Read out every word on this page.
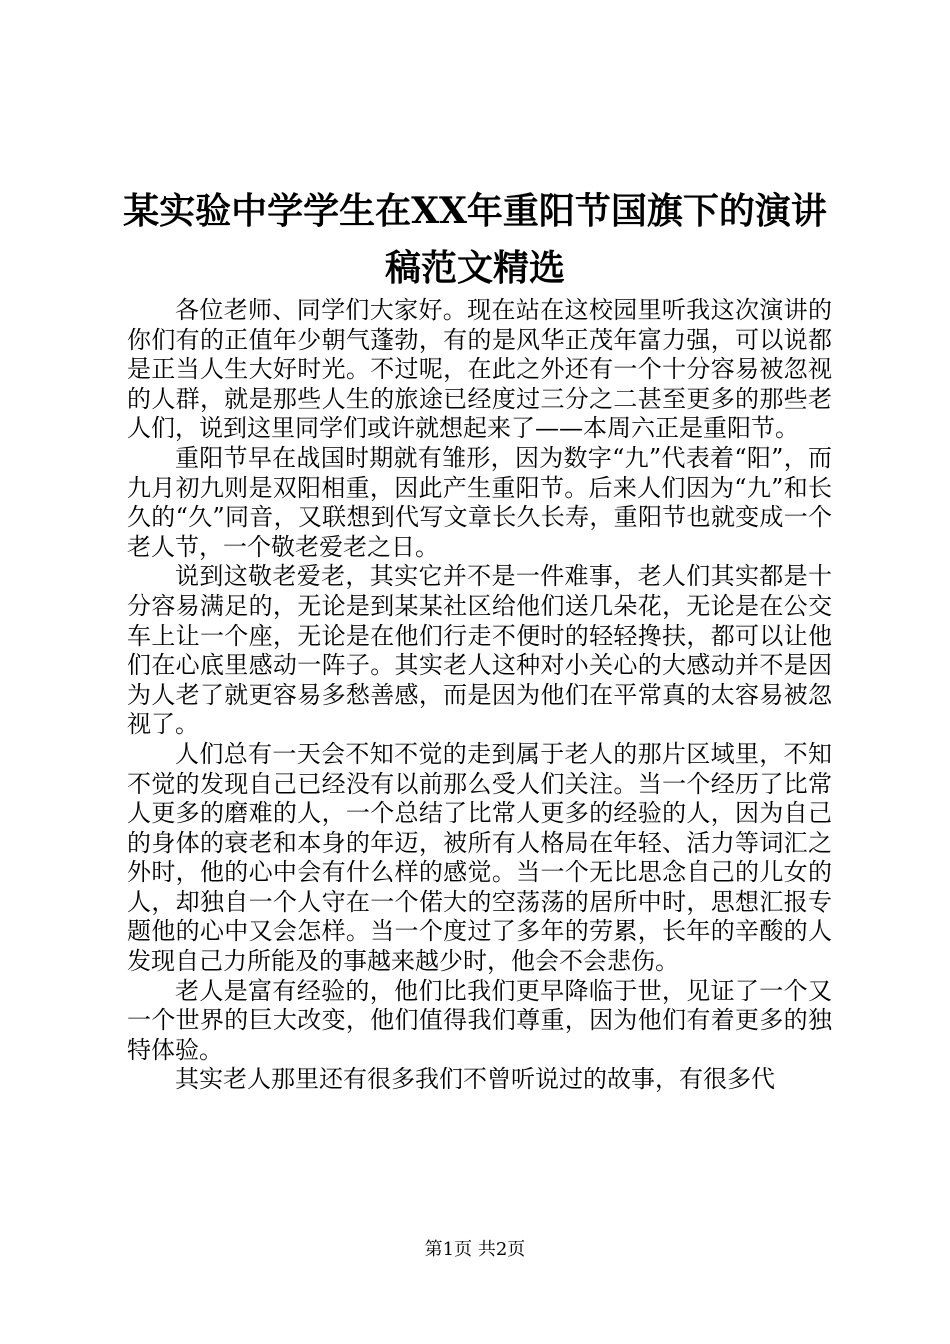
某实验中学学生在XX年重阳节国旗下的演讲
稿范文精选

各位老师、同学们大家好。现在站在这校园里听我这次演讲的你们有的正值年少朝气蓬勃，有的是风华正茂年富力强，可以说都是正当人生大好时光。不过呢，在此之外还有一个十分容易被忽视的人群，就是那些人生的旅途已经度过三分之二甚至更多的那些老人们，说到这里同学们或许就想起来了——本周六正是重阳节。

重阳节早在战国时期就有雏形，因为数字“九”代表着“阳”，而九月初九则是双阳相重，因此产生重阳节。后来人们因为“九”和长久的“久”同音，又联想到代写文章长久长寿，重阳节也就变成一个老人节，一个敬老爱老之日。

说到这敬老爱老，其实它并不是一件难事，老人们其实都是十分容易满足的，无论是到某某社区给他们送几朵花，无论是在公交车上让一个座，无论是在他们行走不便时的轻轻搀扶，都可以让他们在心底里感动一阵子。其实老人这种对小关心的大感动并不是因为人老了就更容易多愁善感，而是因为他们在平常真的太容易被忽视了。

人们总有一天会不知不觉的走到属于老人的那片区域里，不知不觉的发现自己已经没有以前那么受人们关注。当一个经历了比常人更多的磨难的人，一个总结了比常人更多的经验的人，因为自己的身体的衰老和本身的年迈，被所有人格局在年轻、活力等词汇之外时，他的心中会有什么样的感觉。当一个无比思念自己的儿女的人，却独自一个人守在一个偌大的空荡荡的居所中时，思想汇报专题他的心中又会怎样。当一个度过了多年的劳累，长年的辛酸的人发现自己力所能及的事越来越少时，他会不会悲伤。

老人是富有经验的，他们比我们更早降临于世，见证了一个又一个世界的巨大改变，他们值得我们尊重，因为他们有着更多的独特体验。

其实老人那里还有很多我们不曾听说过的故事，有很多代

第1页 共2页
